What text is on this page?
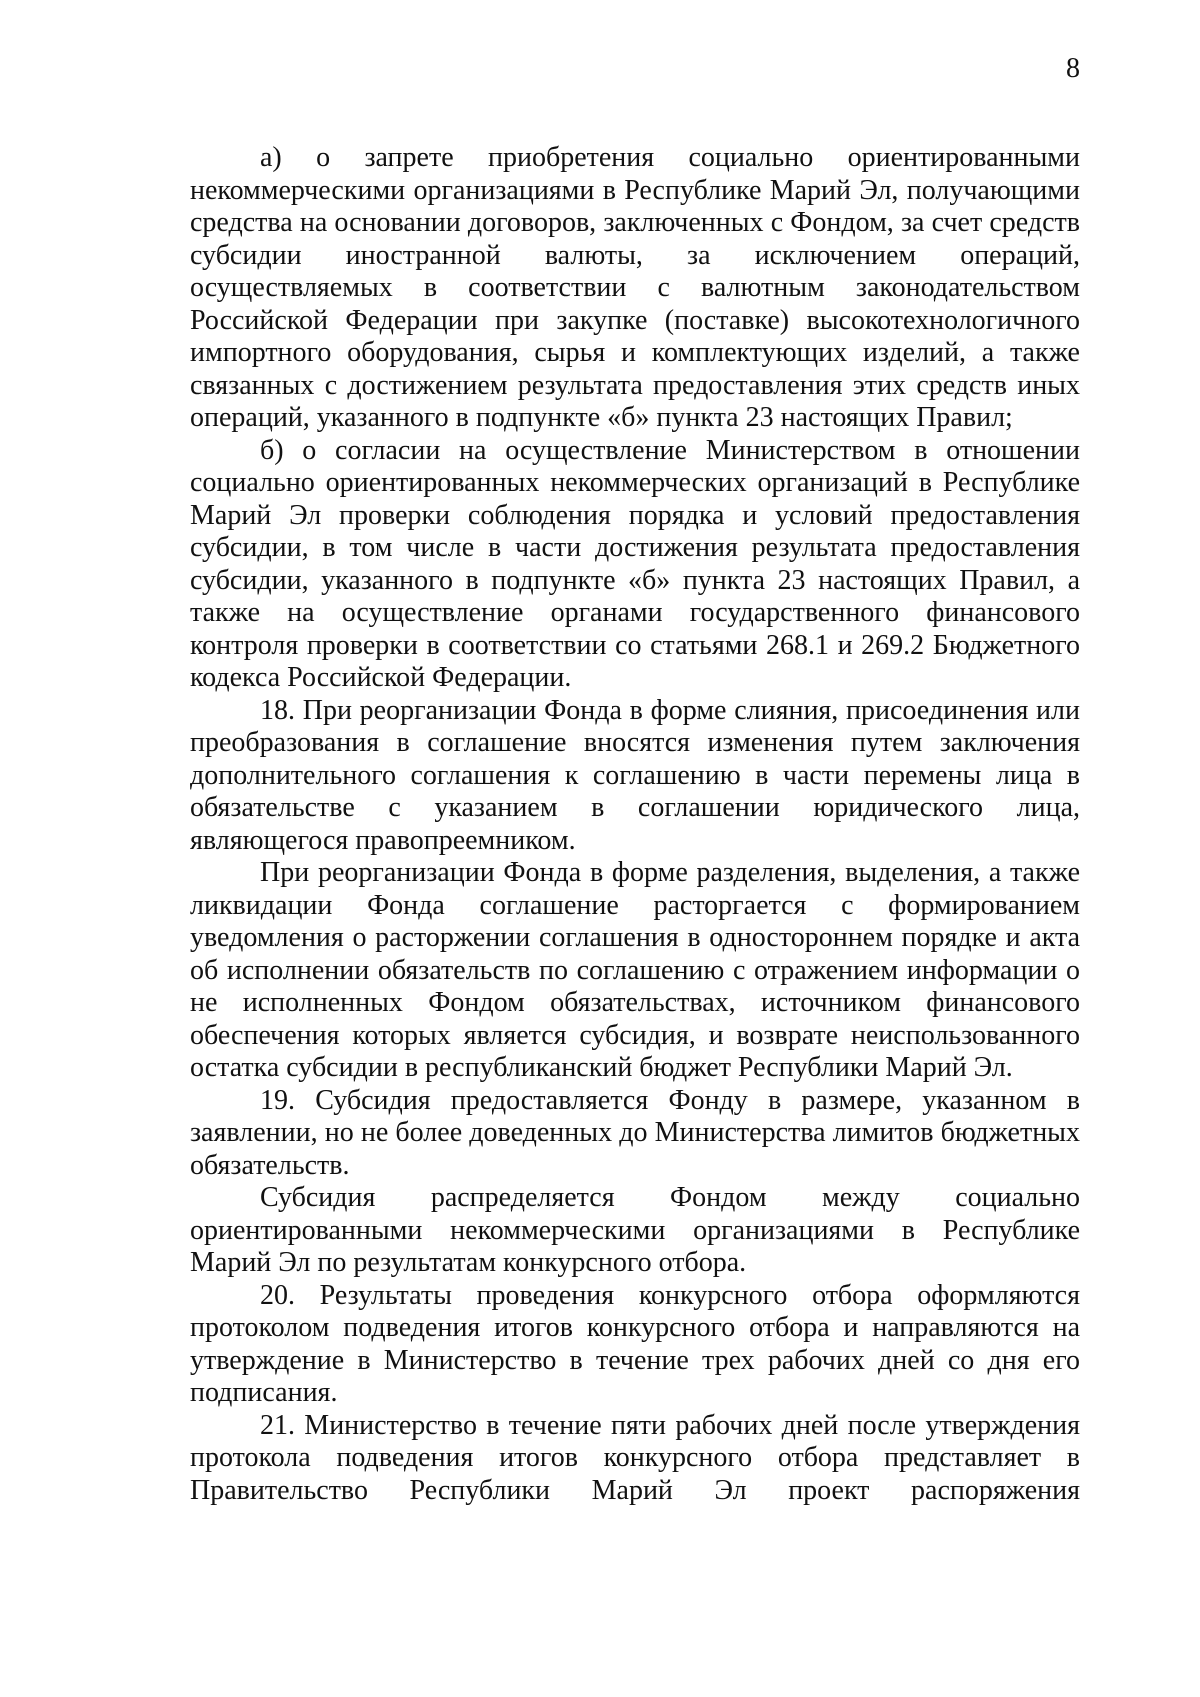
8

а) о запрете приобретения социально ориентированными некоммерческими организациями в Республике Марий Эл, получающими средства на основании договоров, заключенных с Фондом, за счет средств субсидии иностранной валюты, за исключением операций, осуществляемых в соответствии с валютным законодательством Российской Федерации при закупке (поставке) высокотехнологичного импортного оборудования, сырья и комплектующих изделий, а также связанных с достижением результата предоставления этих средств иных операций, указанного в подпункте «б» пункта 23 настоящих Правил;

б) о согласии на осуществление Министерством в отношении социально ориентированных некоммерческих организаций в Республике Марий Эл проверки соблюдения порядка и условий предоставления субсидии, в том числе в части достижения результата предоставления субсидии, указанного в подпункте «б» пункта 23 настоящих Правил, а также на осуществление органами государственного финансового контроля проверки в соответствии со статьями 268.1 и 269.2 Бюджетного кодекса Российской Федерации.

18. При реорганизации Фонда в форме слияния, присоединения или преобразования в соглашение вносятся изменения путем заключения дополнительного соглашения к соглашению в части перемены лица в обязательстве с указанием в соглашении юридического лица, являющегося правопреемником.

При реорганизации Фонда в форме разделения, выделения, а также ликвидации Фонда соглашение расторгается с формированием уведомления о расторжении соглашения в одностороннем порядке и акта об исполнении обязательств по соглашению с отражением информации о не исполненных Фондом обязательствах, источником финансового обеспечения которых является субсидия, и возврате неиспользованного остатка субсидии в республиканский бюджет Республики Марий Эл.

19. Субсидия предоставляется Фонду в размере, указанном в заявлении, но не более доведенных до Министерства лимитов бюджетных обязательств.

Субсидия распределяется Фондом между социально ориентированными некоммерческими организациями в Республике Марий Эл по результатам конкурсного отбора.

20. Результаты проведения конкурсного отбора оформляются протоколом подведения итогов конкурсного отбора и направляются на утверждение в Министерство в течение трех рабочих дней со дня его подписания.

21. Министерство в течение пяти рабочих дней после утверждения протокола подведения итогов конкурсного отбора представляет в Правительство Республики Марий Эл проект распоряжения
